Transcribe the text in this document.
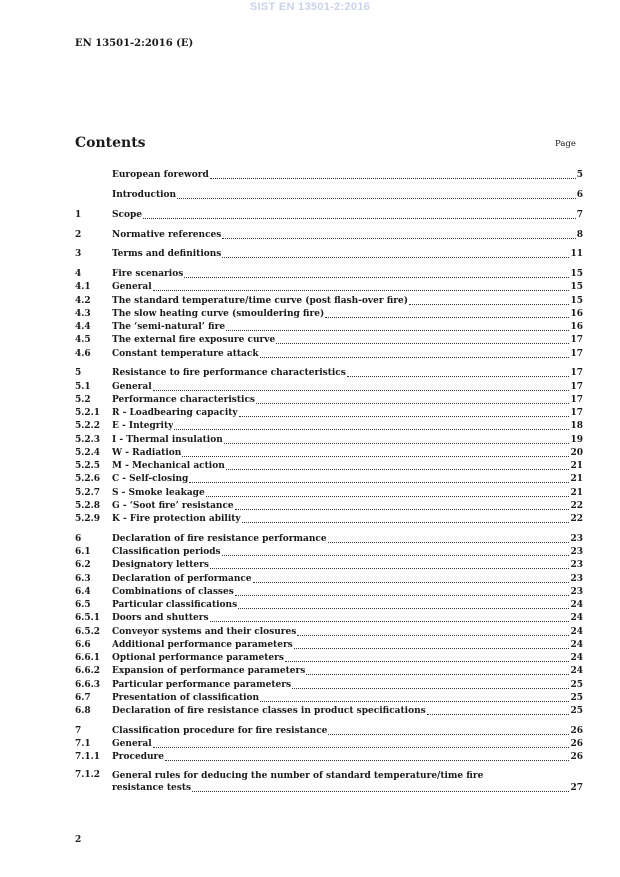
SIST EN 13501-2:2016
EN 13501-2:2016 (E)
Contents	Page
European foreword	5
Introduction	6
1	Scope	7
2	Normative references	8
3	Terms and definitions	11
4	Fire scenarios	15
4.1	General	15
4.2	The standard temperature/time curve (post flash-over fire)	15
4.3	The slow heating curve (smouldering fire)	16
4.4	The ‘semi-natural’ fire	16
4.5	The external fire exposure curve	17
4.6	Constant temperature attack	17
5	Resistance to fire performance characteristics	17
5.1	General	17
5.2	Performance characteristics	17
5.2.1	R - Loadbearing capacity	17
5.2.2	E - Integrity	18
5.2.3	I - Thermal insulation	19
5.2.4	W - Radiation	20
5.2.5	M - Mechanical action	21
5.2.6	C - Self-closing	21
5.2.7	S - Smoke leakage	21
5.2.8	G - ‘Soot fire’ resistance	22
5.2.9	K - Fire protection ability	22
6	Declaration of fire resistance performance	23
6.1	Classification periods	23
6.2	Designatory letters	23
6.3	Declaration of performance	23
6.4	Combinations of classes	23
6.5	Particular classifications	24
6.5.1	Doors and shutters	24
6.5.2	Conveyor systems and their closures	24
6.6	Additional performance parameters	24
6.6.1	Optional performance parameters	24
6.6.2	Expansion of performance parameters	24
6.6.3	Particular performance parameters	25
6.7	Presentation of classification	25
6.8	Declaration of fire resistance classes in product specifications	25
7	Classification procedure for fire resistance	26
7.1	General	26
7.1.1	Procedure	26
7.1.2	General rules for deducing the number of standard temperature/time fire
resistance tests	27
2
